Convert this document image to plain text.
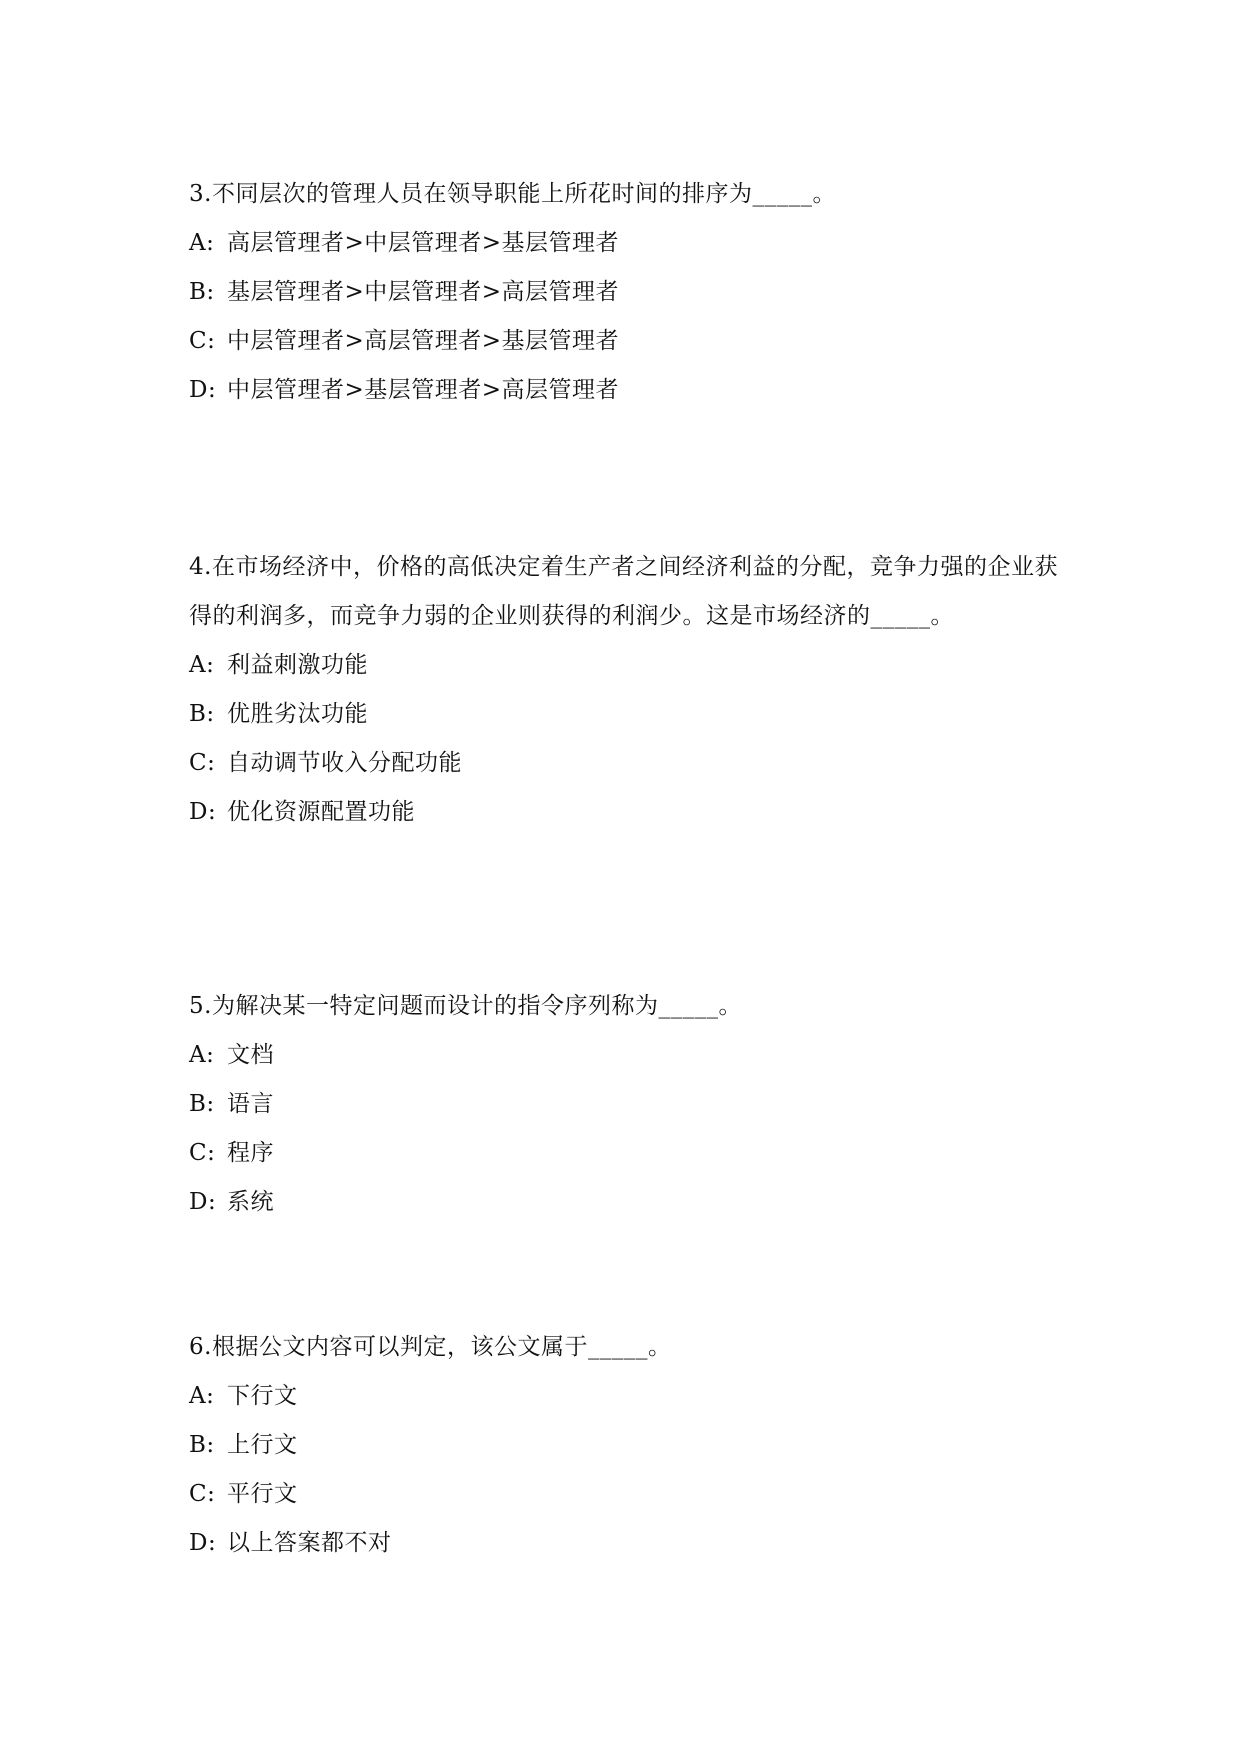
3.不同层次的管理人员在领导职能上所花时间的排序为_____。

A: 高层管理者>中层管理者>基层管理者
B: 基层管理者>中层管理者>高层管理者
C: 中层管理者>高层管理者>基层管理者
D: 中层管理者>基层管理者>高层管理者

4.在市场经济中，价格的高低决定着生产者之间经济利益的分配，竞争力强的企业获得的利润多，而竞争力弱的企业则获得的利润少。这是市场经济的_____。

A: 利益刺激功能
B: 优胜劣汰功能
C: 自动调节收入分配功能
D: 优化资源配置功能

5.为解决某一特定问题而设计的指令序列称为_____。

A: 文档
B: 语言
C: 程序
D: 系统

6.根据公文内容可以判定，该公文属于_____。

A: 下行文
B: 上行文
C: 平行文
D: 以上答案都不对
